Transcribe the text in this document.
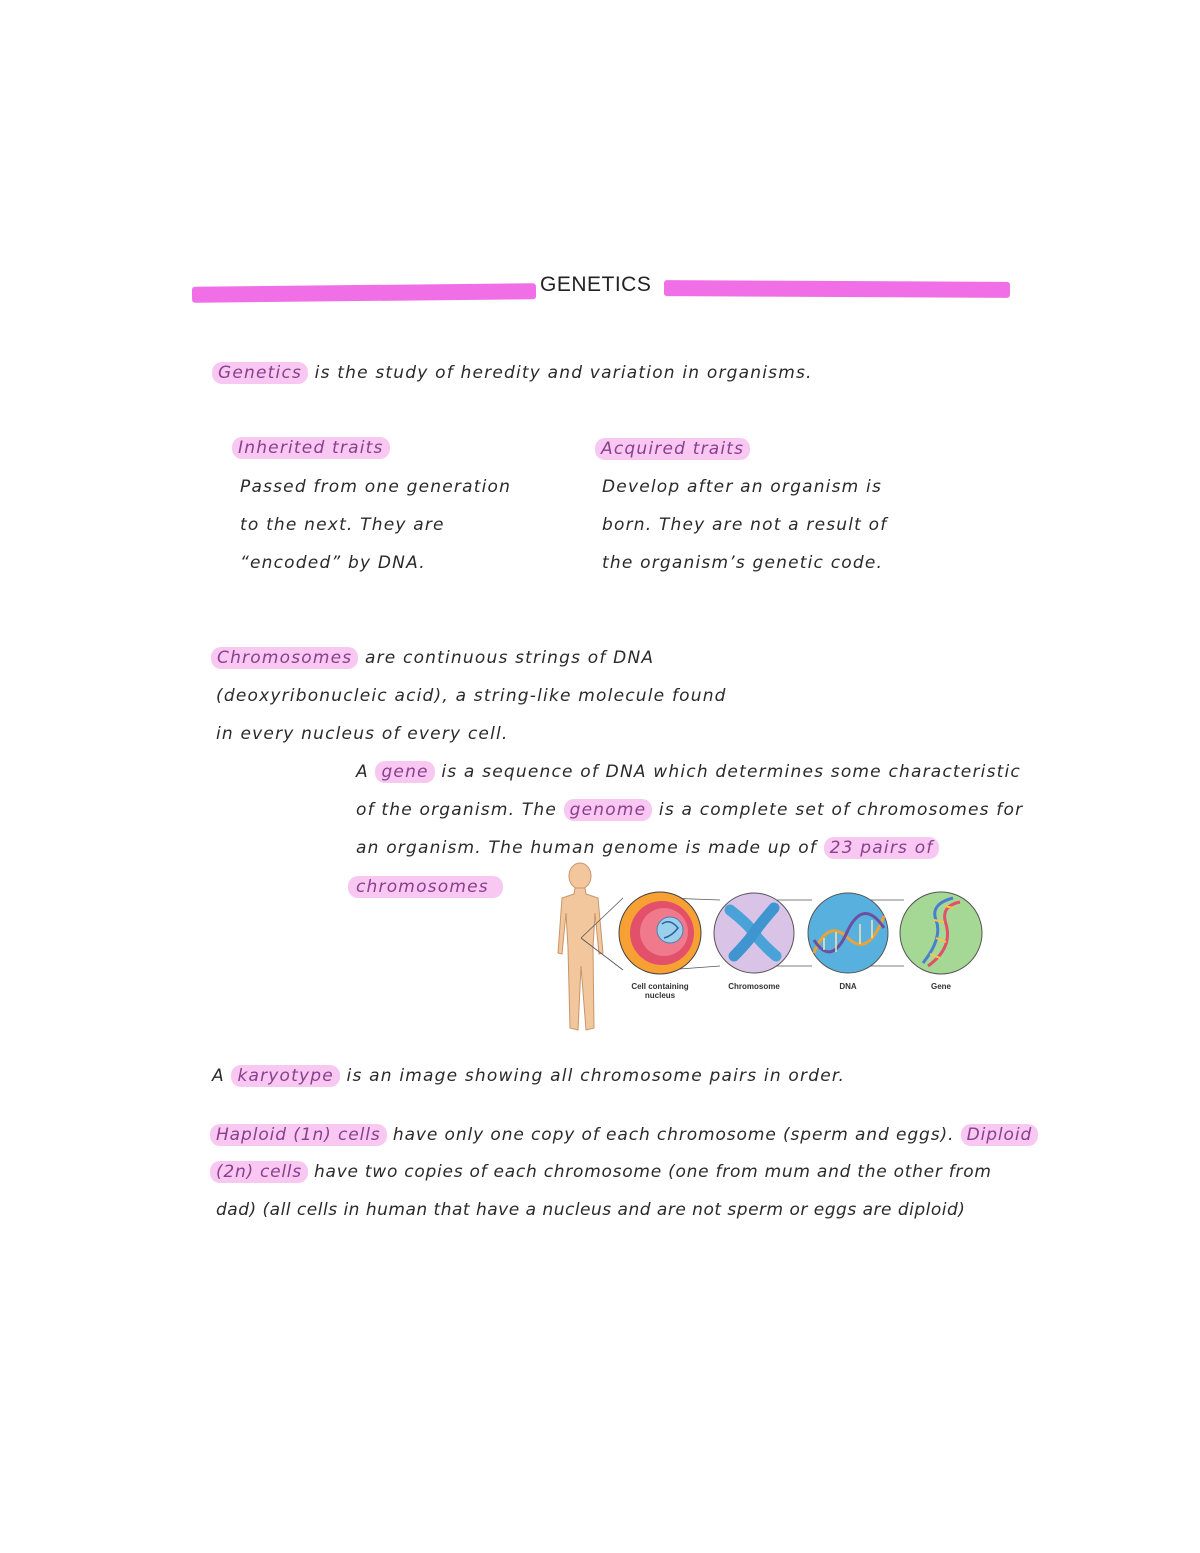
GENETICS
Genetics is the study of heredity and variation in organisms.
Inherited traits
Passed from one generation
to the next. They are
“encoded” by DNA.
Acquired traits
Develop after an organism is
born. They are not a result of
the organism’s genetic code.
Chromosomes are continuous strings of DNA
(deoxyribonucleic acid), a string-like molecule found
in every nucleus of every cell.
A gene is a sequence of DNA which determines some characteristic
of the organism. The genome is a complete set of chromosomes for
an organism. The human genome is made up of 23 pairs of
chromosomes
Cell containing
nucleus
Chromosome	DNA	Gene
A karyotype is an image showing all chromosome pairs in order.
Haploid (1n) cells have only one copy of each chromosome (sperm and eggs). Diploid
(2n) cells have two copies of each chromosome (one from mum and the other from
dad) (all cells in human that have a nucleus and are not sperm or eggs are diploid)
